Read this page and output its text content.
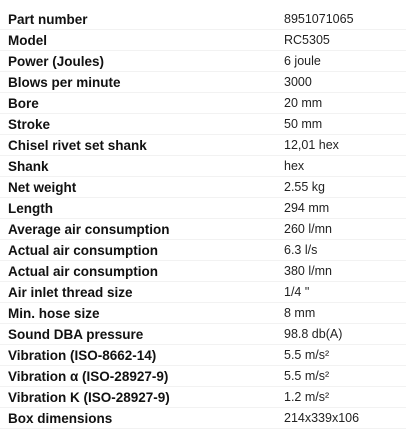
Part number	8951071065
Model	RC5305
Power (Joules)	6 joule
Blows per minute	3000
Bore	20 mm
Stroke	50 mm
Chisel rivet set shank	12,01 hex
Shank	hex
Net weight	2.55 kg
Length	294 mm
Average air consumption	260 l/mn
Actual air consumption	6.3 l/s
Actual air consumption	380 l/mn
Air inlet thread size	1/4 "
Min. hose size	8 mm
Sound DBA pressure	98.8 db(A)
Vibration (ISO-8662-14)	5.5 m/s²
Vibration α (ISO-28927-9)	5.5 m/s²
Vibration K (ISO-28927-9)	1.2 m/s²
Box dimensions	214x339x106
